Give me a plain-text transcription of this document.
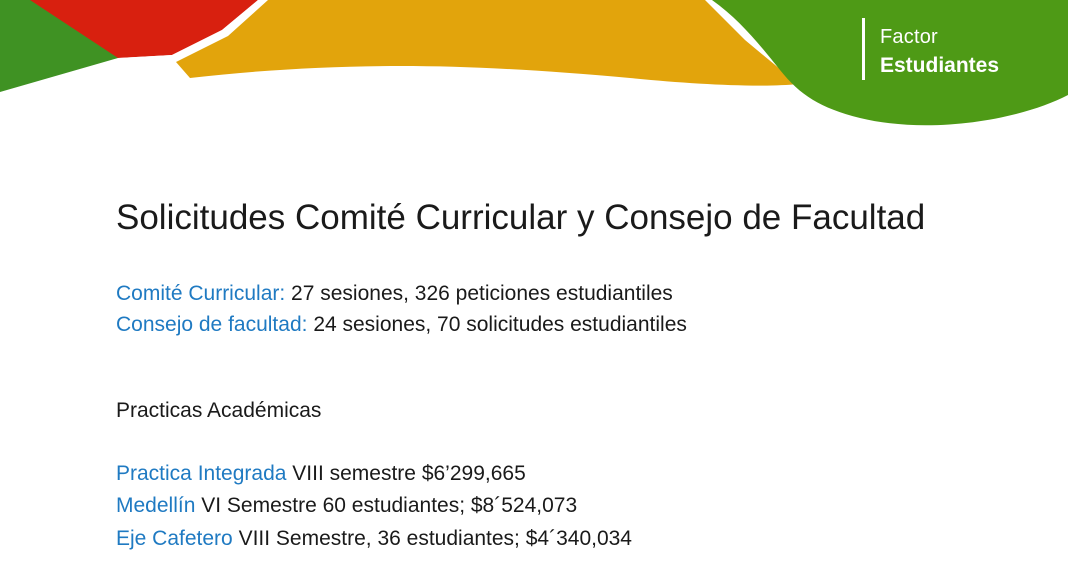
Factor
Estudiantes
Solicitudes Comité Curricular y Consejo de Facultad
Comité Curricular: 27 sesiones, 326 peticiones estudiantiles
Consejo de facultad: 24 sesiones, 70 solicitudes estudiantiles
Practicas Académicas
Practica Integrada VIII semestre $6’299,665
Medellín VI Semestre 60 estudiantes; $8´524,073
Eje Cafetero VIII Semestre, 36 estudiantes; $4´340,034
